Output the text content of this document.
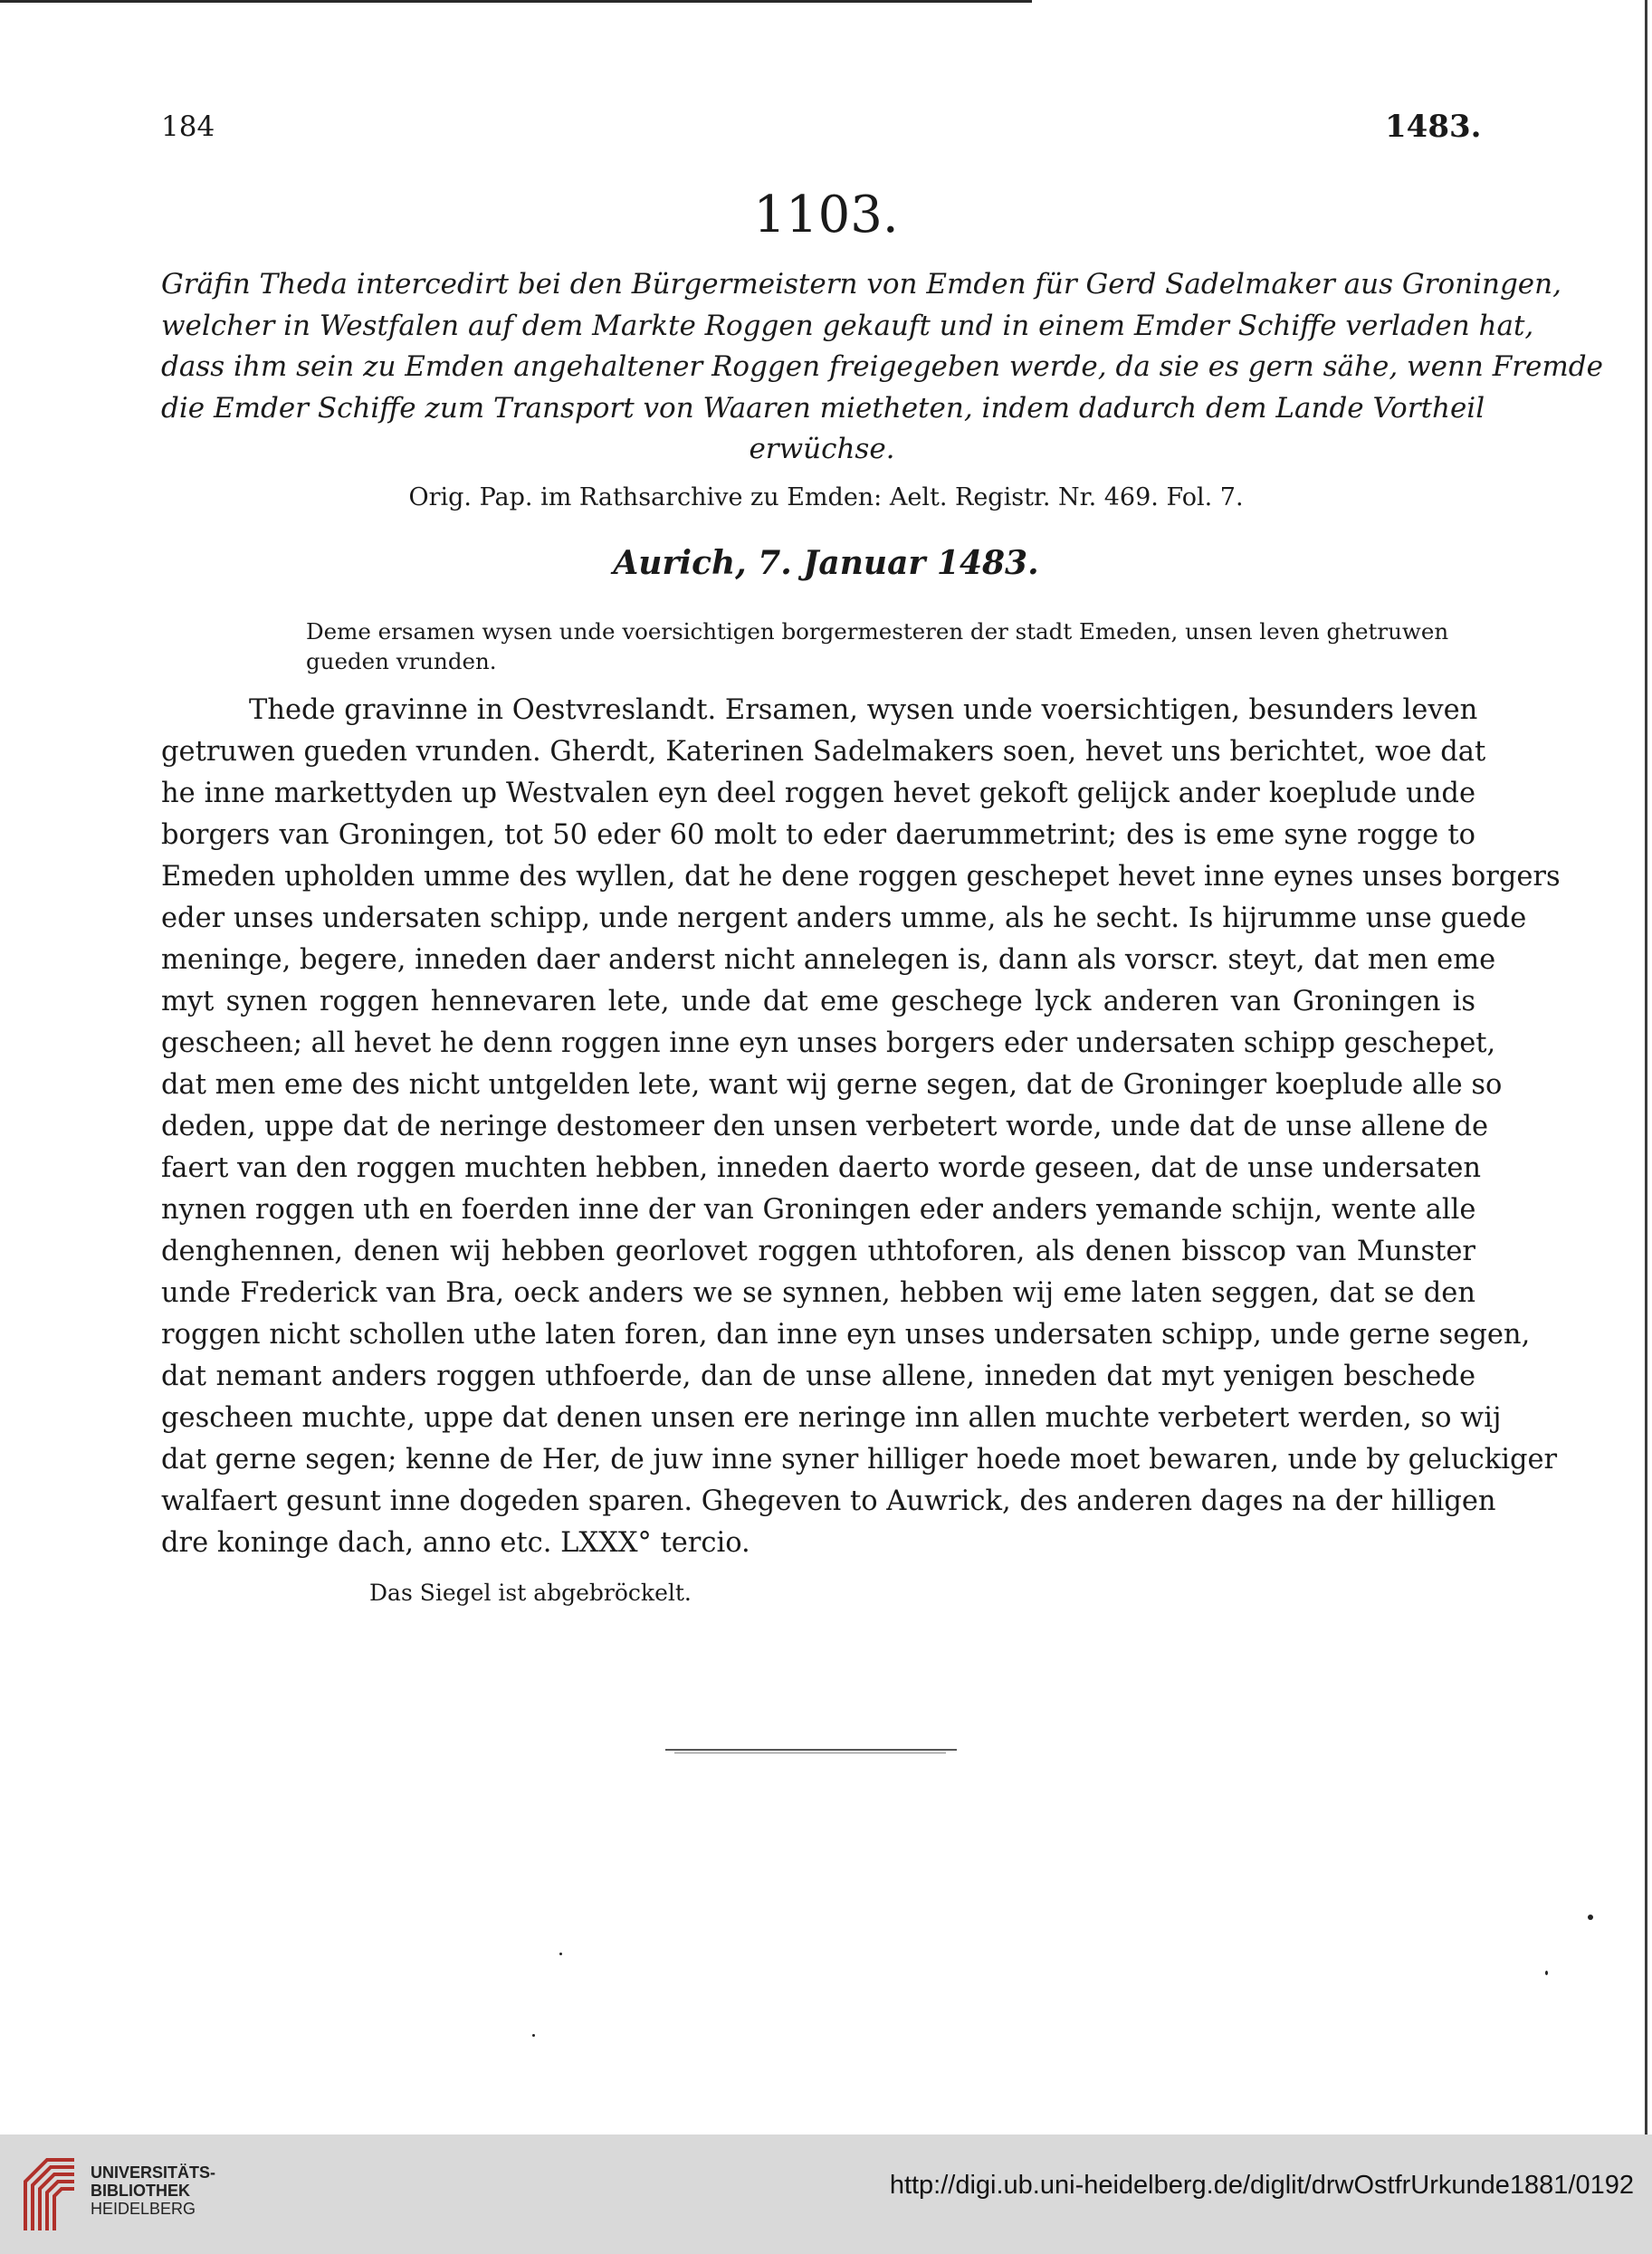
184	1483.
1103.
Gräfin Theda intercedirt bei den Bürgermeistern von Emden für Gerd Sadelmaker aus Groningen,
welcher in Westfalen auf dem Markte Roggen gekauft und in einem Emder Schiffe verladen hat,
dass ihm sein zu Emden angehaltener Roggen freigegeben werde, da sie es gern sähe, wenn Fremde
die Emder Schiffe zum Transport von Waaren mietheten, indem dadurch dem Lande Vortheil
erwüchse.
Orig. Pap. im Rathsarchive zu Emden: Aelt. Registr. Nr. 469. Fol. 7.
Aurich, 7. Januar 1483.
Deme ersamen wysen unde voersichtigen borgermesteren der stadt Emeden, unsen leven ghetruwen
gueden vrunden.
Thede gravinne in Oestvreslandt. Ersamen, wysen unde voersichtigen, besunders leven
getruwen gueden vrunden. Gherdt, Katerinen Sadelmakers soen, hevet uns berichtet, woe dat
he inne markettyden up Westvalen eyn deel roggen hevet gekoft gelijck ander koeplude unde
borgers van Groningen, tot 50 eder 60 molt to eder daerummetrint; des is eme syne rogge to
Emeden upholden umme des wyllen, dat he dene roggen geschepet hevet inne eynes unses borgers
eder unses undersaten schipp, unde nergent anders umme, als he secht. Is hijrumme unse guede
meninge, begere, inneden daer anderst nicht annelegen is, dann als vorscr. steyt, dat men eme
myt synen roggen hennevaren lete, unde dat eme geschege lyck anderen van Groningen is
gescheen; all hevet he denn roggen inne eyn unses borgers eder undersaten schipp geschepet,
dat men eme des nicht untgelden lete, want wij gerne segen, dat de Groninger koeplude alle so
deden, uppe dat de neringe destomeer den unsen verbetert worde, unde dat de unse allene de
faert van den roggen muchten hebben, inneden daerto worde geseen, dat de unse undersaten
nynen roggen uth en foerden inne der van Groningen eder anders yemande schijn, wente alle
denghennen, denen wij hebben georlovet roggen uthtoforen, als denen bisscop van Munster
unde Frederick van Bra, oeck anders we se synnen, hebben wij eme laten seggen, dat se den
roggen nicht schollen uthe laten foren, dan inne eyn unses undersaten schipp, unde gerne segen,
dat nemant anders roggen uthfoerde, dan de unse allene, inneden dat myt yenigen beschede
gescheen muchte, uppe dat denen unsen ere neringe inn allen muchte verbetert werden, so wij
dat gerne segen; kenne de Her, de juw inne syner hilliger hoede moet bewaren, unde by geluckiger
walfaert gesunt inne dogeden sparen. Ghegeven to Auwrick, des anderen dages na der hilligen
dre koninge dach, anno etc. LXXX° tercio.
Das Siegel ist abgebröckelt.
UNIVERSITÄTS-
BIBLIOTHEK
HEIDELBERG
http://digi.ub.uni-heidelberg.de/diglit/drwOstfrUrkunde1881/0192
